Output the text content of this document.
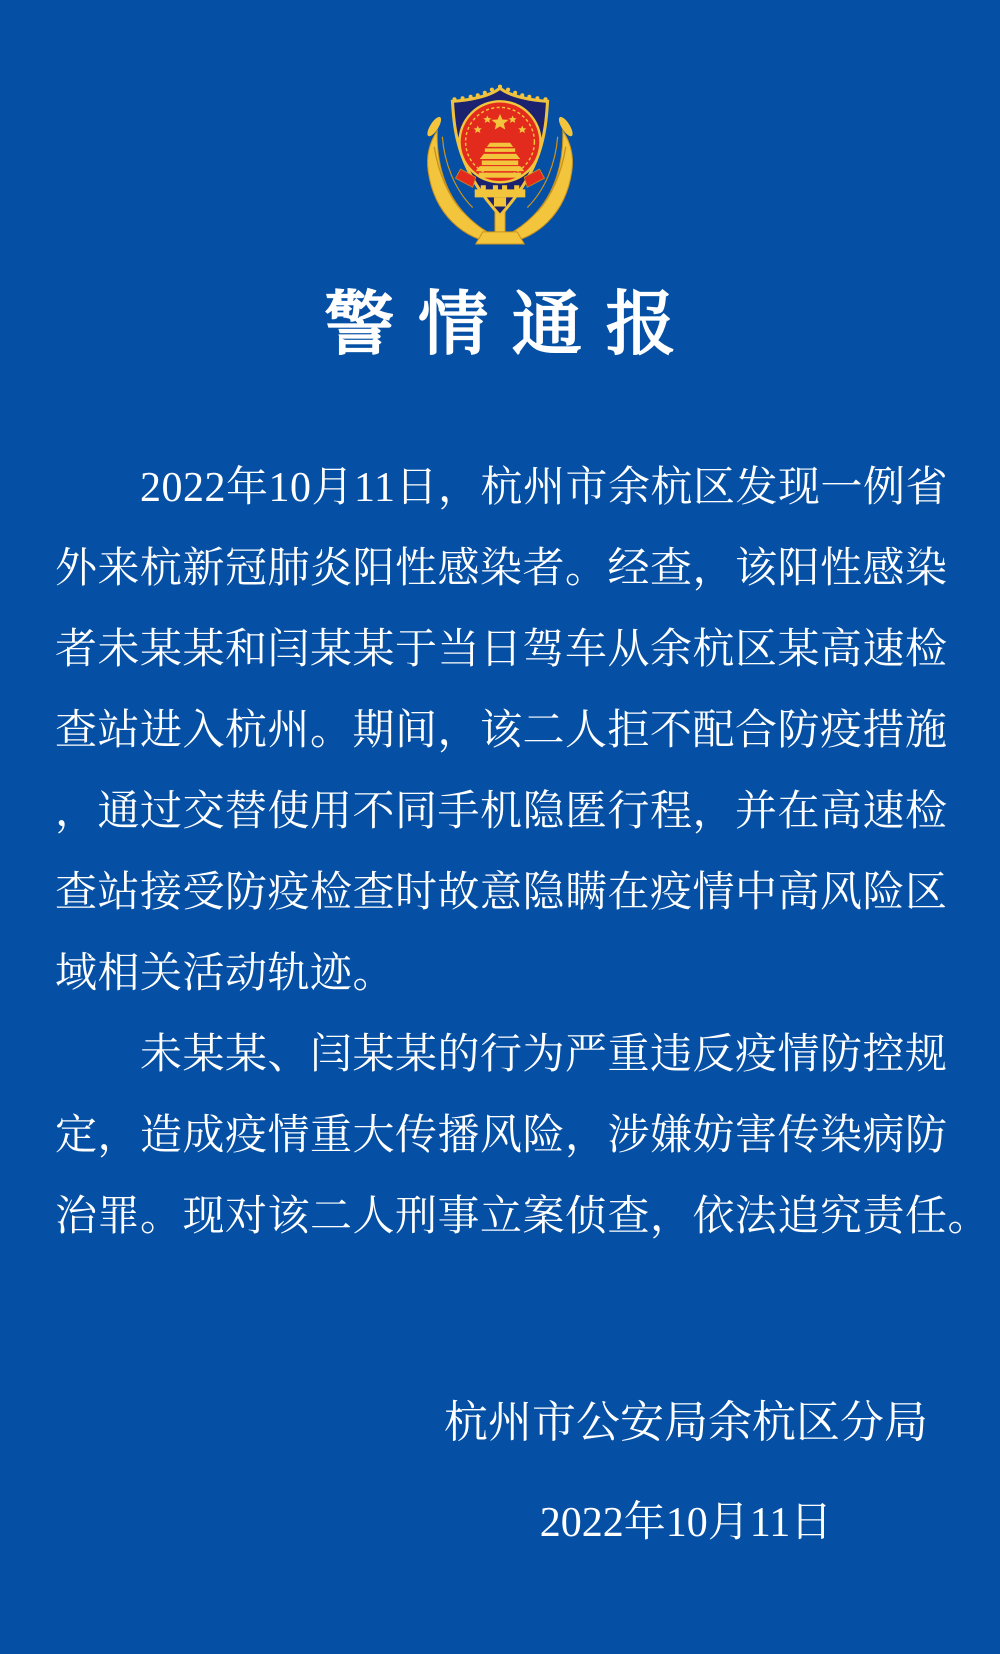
警情通报
　　2022年10月11日，杭州市余杭区发现一例省
外来杭新冠肺炎阳性感染者。经查，该阳性感染
者未某某和闫某某于当日驾车从余杭区某高速检
查站进入杭州。期间，该二人拒不配合防疫措施
，通过交替使用不同手机隐匿行程，并在高速检
查站接受防疫检查时故意隐瞒在疫情中高风险区
域相关活动轨迹。
　　未某某、闫某某的行为严重违反疫情防控规
定，造成疫情重大传播风险，涉嫌妨害传染病防
治罪。现对该二人刑事立案侦查，依法追究责任。
杭州市公安局余杭区分局
2022年10月11日
